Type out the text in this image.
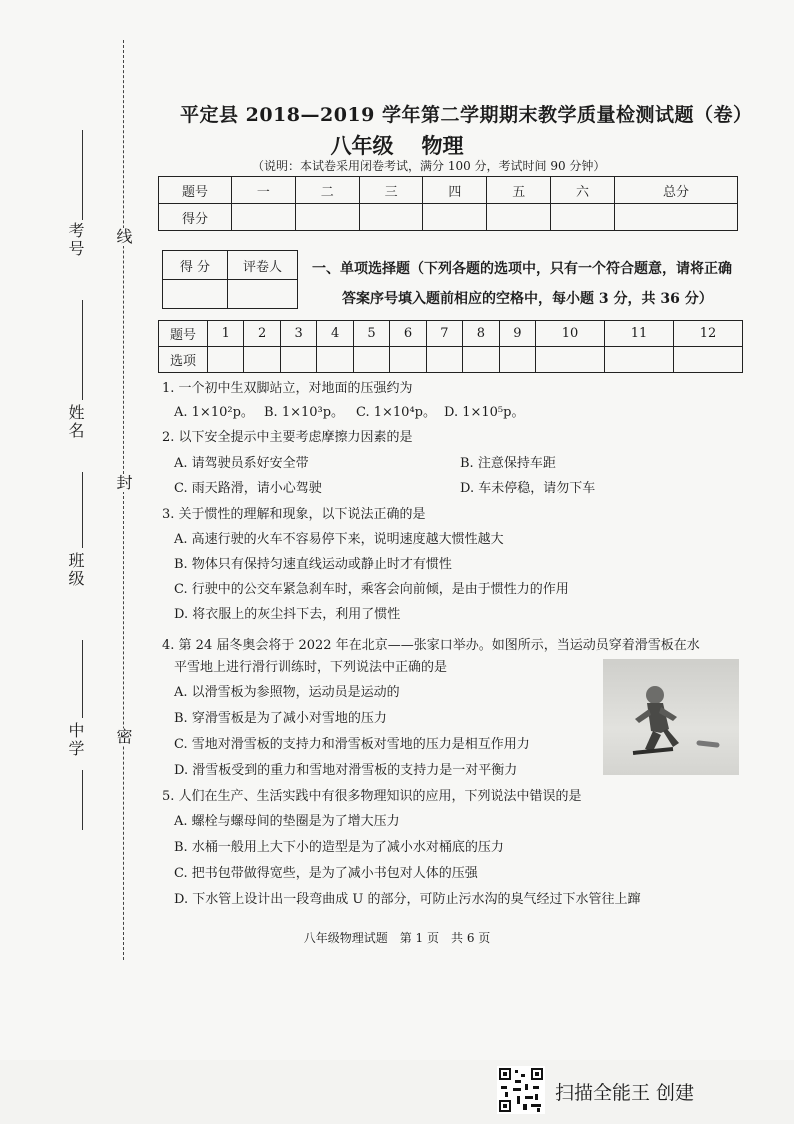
考号 线
姓名
封
班级
中学 密
平定县 2018—2019 学年第二学期期末教学质量检测试题（卷）
八年级 物理
（说明：本试卷采用闭卷考试，满分 100 分，考试时间 90 分钟）
题号	一	二	三	四	五	六	总分
得分							
得 分	评卷人
	一、单项选择题（下列各题的选项中，只有一个符合题意，请将正确
答案序号填入题前相应的空格中，每小题 3 分，共 36 分）
题号	1	2	3	4	5	6	7	8	9	10	11	12
选项												
1. 一个初中生双脚站立，对地面的压强约为
A. 1×10²p。 B. 1×10³p。 C. 1×10⁴p。 D. 1×10⁵p。
2. 以下安全提示中主要考虑摩擦力因素的是
A. 请驾驶员系好安全带	B. 注意保持车距
C. 雨天路滑，请小心驾驶	D. 车未停稳，请勿下车
3. 关于惯性的理解和现象，以下说法正确的是
A. 高速行驶的火车不容易停下来，说明速度越大惯性越大
B. 物体只有保持匀速直线运动或静止时才有惯性
C. 行驶中的公交车紧急刹车时，乘客会向前倾，是由于惯性力的作用
D. 将衣服上的灰尘抖下去，利用了惯性
4. 第 24 届冬奥会将于 2022 年在北京——张家口举办。如图所示，当运动员穿着滑雪板在水
平雪地上进行滑行训练时，下列说法中正确的是
A. 以滑雪板为参照物，运动员是运动的
B. 穿滑雪板是为了减小对雪地的压力
C. 雪地对滑雪板的支持力和滑雪板对雪地的压力是相互作用力
D. 滑雪板受到的重力和雪地对滑雪板的支持力是一对平衡力
5. 人们在生产、生活实践中有很多物理知识的应用，下列说法中错误的是
A. 螺栓与螺母间的垫圈是为了增大压力
B. 水桶一般用上大下小的造型是为了减小水对桶底的压力
C. 把书包带做得宽些，是为了减小书包对人体的压强
D. 下水管上设计出一段弯曲成 U 的部分，可防止污水沟的臭气经过下水管往上蹿
八年级物理试题　第 1 页　共 6 页
扫描全能王 创建
